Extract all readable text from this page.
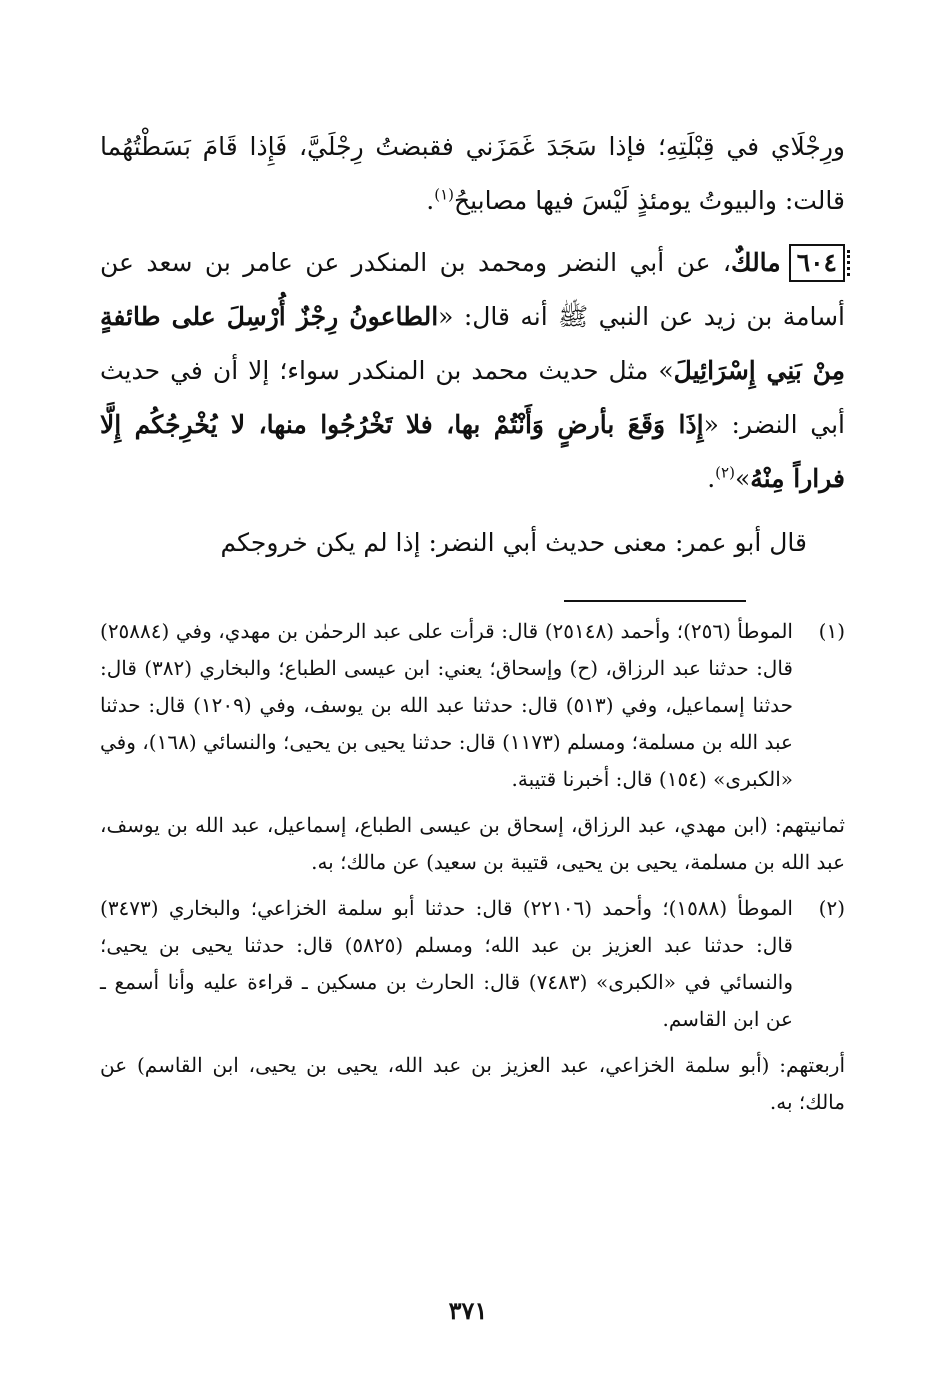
ورِجْلَاي في قِبْلَتِهِ؛ فإذا سَجَدَ غَمَزَني فقبضتُ رِجْلَيَّ، فَإِذا قَامَ بَسَطْتُهُما قالت: والبيوتُ يومئذٍ لَيْسَ فيها مصابيحُ$^{(١)}$.

٦٠٤مالكٌ، عن أبي النضر ومحمد بن المنكدر عن عامر بن سعد عن أسامة بن زيد عن النبي ﷺ أنه قال: «الطاعونُ رِجْزٌ أُرْسِلَ على طائفةٍ مِنْ بَنِي إِسْرَائِيلَ» مثل حديث محمد بن المنكدر سواء؛ إلا أن في حديث أبي النضر: «إِذَا وَقَعَ بأرضٍ وَأَنْتُمْ بها، فلا تَخْرُجُوا منها، لا يُخْرِجُكُم إِلَّا فراراً مِنْهُ»$^{(٢)}$.

قال أبو عمر: معنى حديث أبي النضر: إذا لم يكن خروجكم

(١)

الموطأ (٢٥٦)؛ وأحمد (٢٥١٤٨) قال: قرأت على عبد الرحمٰن بن مهدي، وفي (٢٥٨٨٤) قال: حدثنا عبد الرزاق، (ح) وإسحاق؛ يعني: ابن عيسى الطباع؛ والبخاري (٣٨٢) قال: حدثنا إسماعيل، وفي (٥١٣) قال: حدثنا عبد الله بن يوسف، وفي (١٢٠٩) قال: حدثنا عبد الله بن مسلمة؛ ومسلم (١١٧٣) قال: حدثنا يحيى بن يحيى؛ والنسائي (١٦٨)، وفي «الكبرى» (١٥٤) قال: أخبرنا قتيبة.

ثمانيتهم: (ابن مهدي، عبد الرزاق، إسحاق بن عيسى الطباع، إسماعيل، عبد الله بن يوسف، عبد الله بن مسلمة، يحيى بن يحيى، قتيبة بن سعيد) عن مالك؛ به.

(٢)

الموطأ (١٥٨٨)؛ وأحمد (٢٢١٠٦) قال: حدثنا أبو سلمة الخزاعي؛ والبخاري (٣٤٧٣) قال: حدثنا عبد العزيز بن عبد الله؛ ومسلم (٥٨٢٥) قال: حدثنا يحيى بن يحيى؛ والنسائي في «الكبرى» (٧٤٨٣) قال: الحارث بن مسكين ـ قراءة عليه وأنا أسمع ـ عن ابن القاسم.

أربعتهم: (أبو سلمة الخزاعي، عبد العزيز بن عبد الله، يحيى بن يحيى، ابن القاسم) عن مالك؛ به.

٣٧١
